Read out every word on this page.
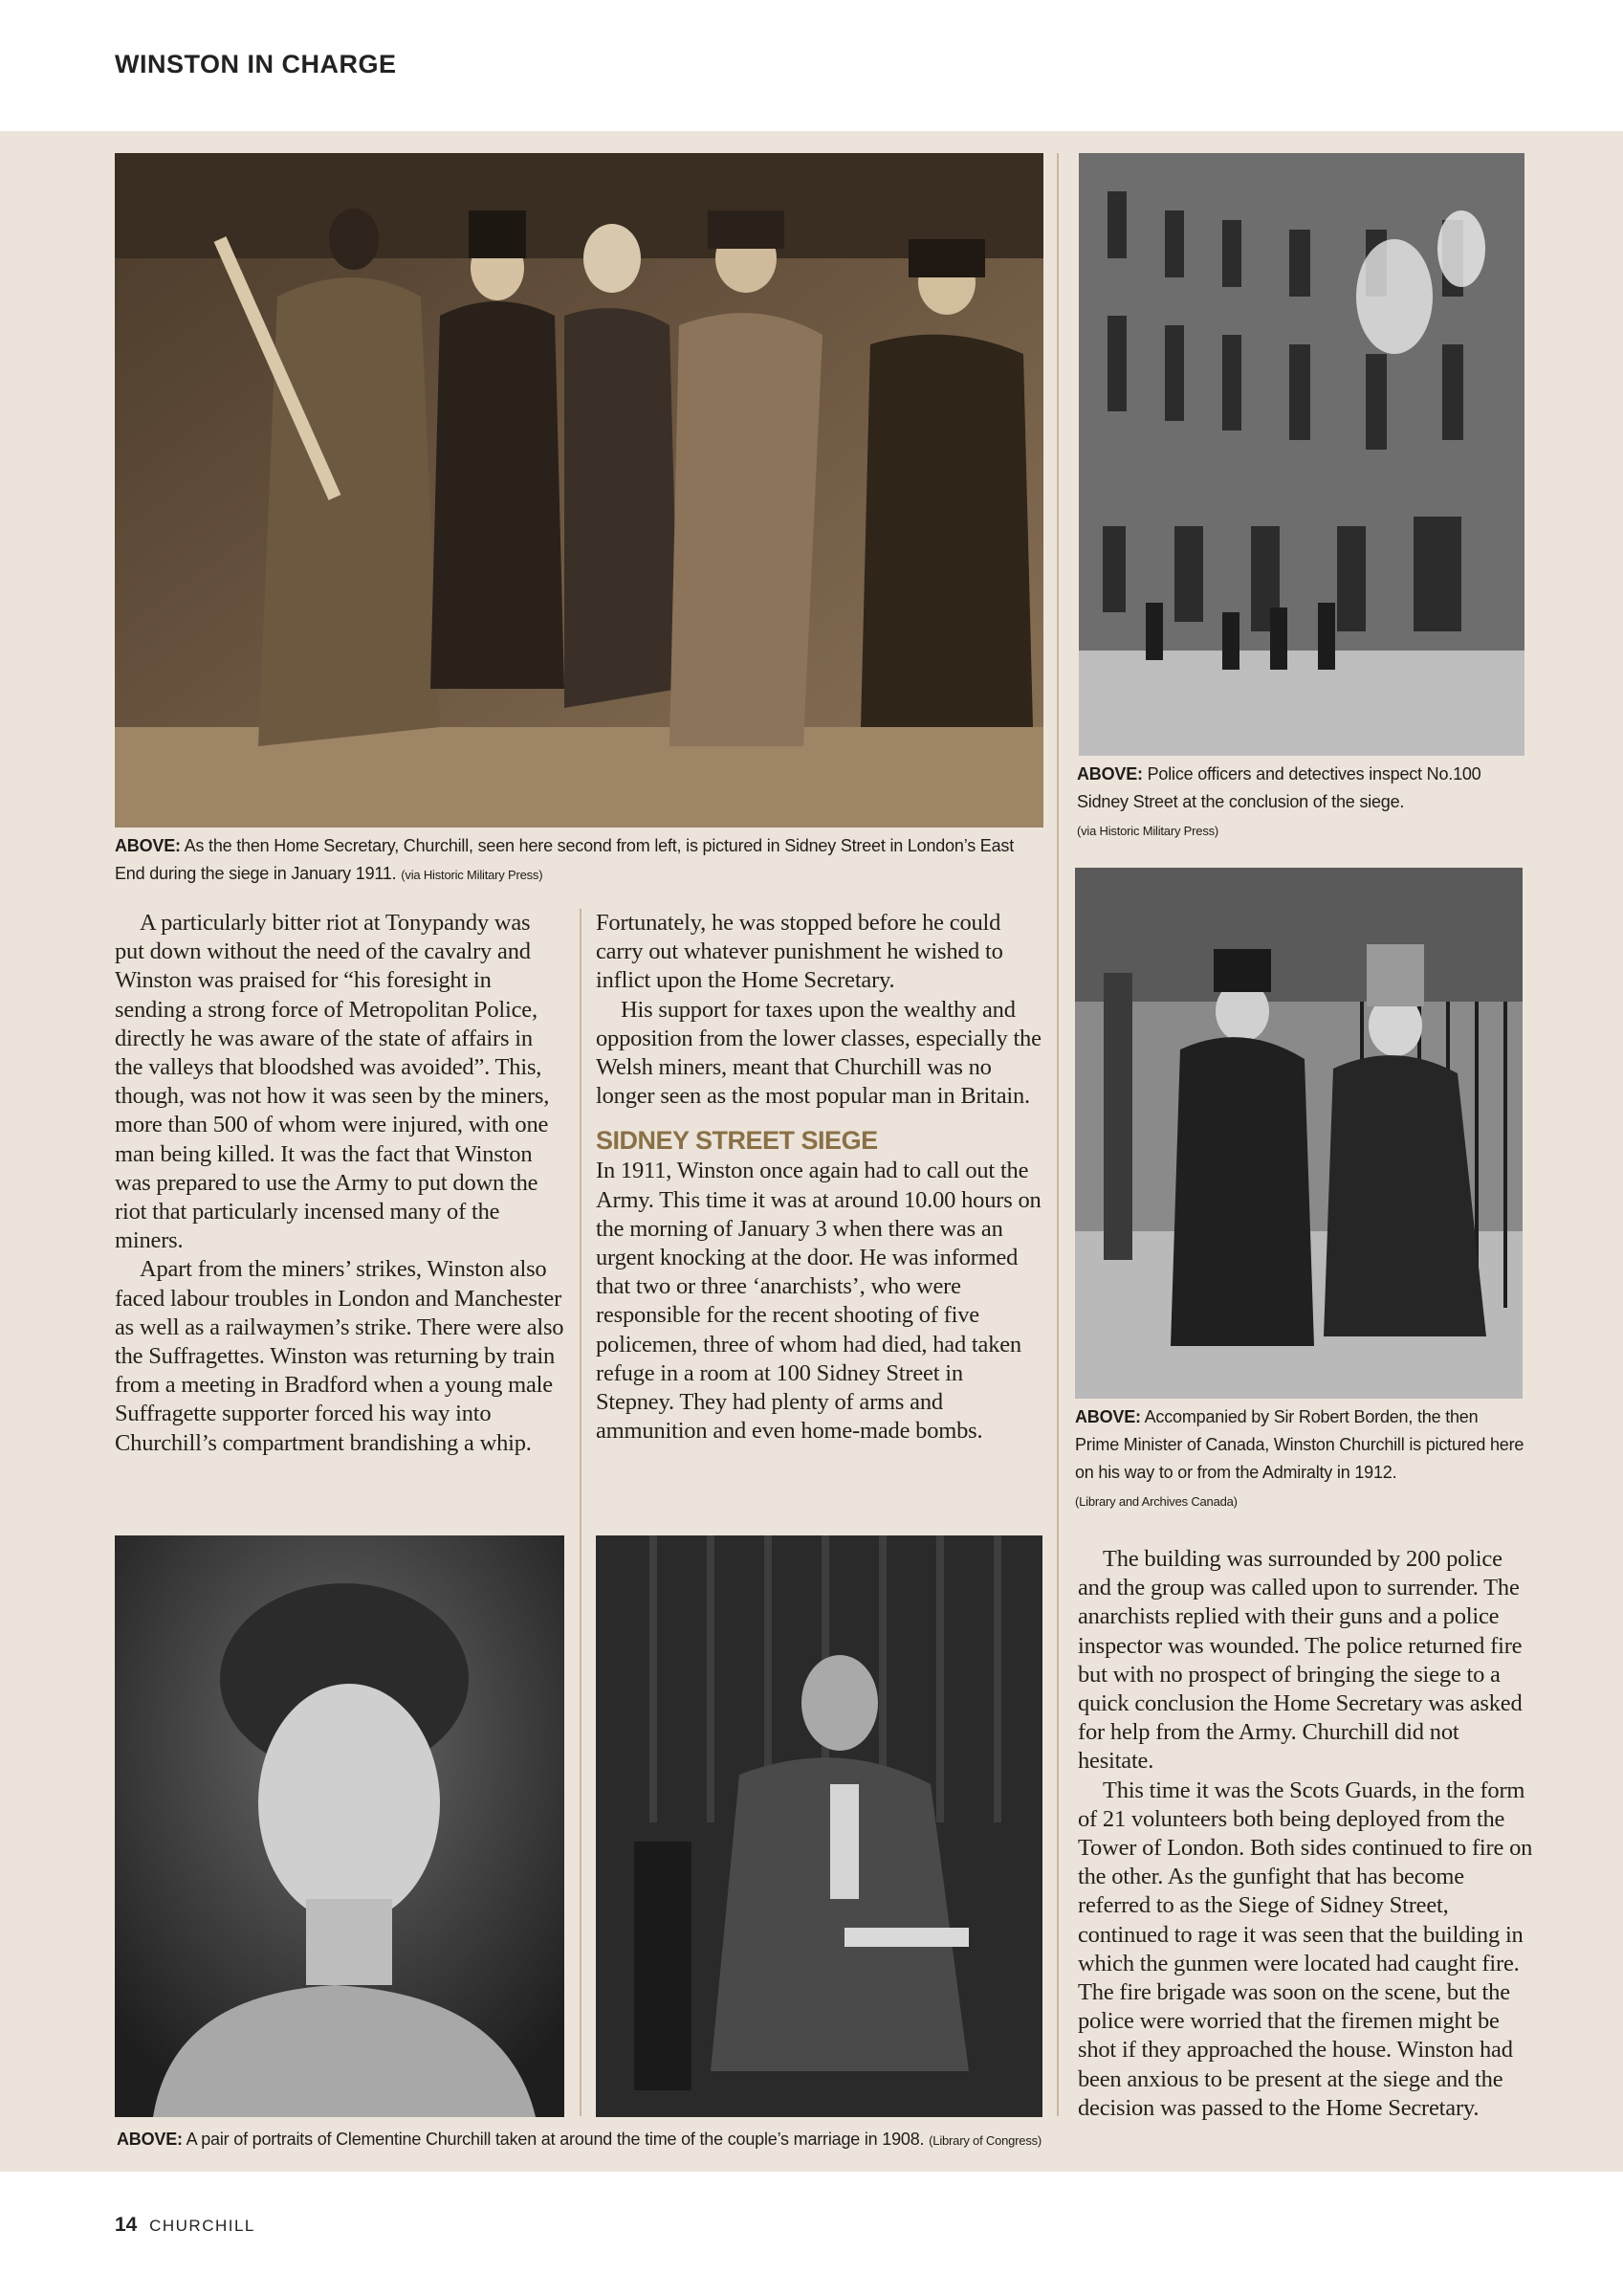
WINSTON IN CHARGE
ABOVE: Police officers and detectives inspect No.100 Sidney Street at the conclusion of the siege.
(via Historic Military Press)
ABOVE: As the then Home Secretary, Churchill, seen here second from left, is pictured in Sidney Street in London’s East End during the siege in January 1911. (via Historic Military Press)
ABOVE: Accompanied by Sir Robert Borden, the then Prime Minister of Canada, Winston Churchill is pictured here on his way to or from the Admiralty in 1912.
(Library and Archives Canada)

A particularly bitter riot at Tonypandy was put down without the need of the cavalry and Winston was praised for “his foresight in sending a strong force of Metropolitan Police, directly he was aware of the state of affairs in the valleys that bloodshed was avoided”. This, though, was not how it was seen by the miners, more than 500 of whom were injured, with one man being killed. It was the fact that Winston was prepared to use the Army to put down the riot that particularly incensed many of the miners.

Apart from the miners’ strikes, Winston also faced labour troubles in London and Manchester as well as a railwaymen’s strike. There were also the Suffragettes. Winston was returning by train from a meeting in Bradford when a young male Suffragette supporter forced his way into Churchill’s compartment brandishing a whip.

Fortunately, he was stopped before he could carry out whatever punishment he wished to inflict upon the Home Secretary.

His support for taxes upon the wealthy and opposition from the lower classes, especially the Welsh miners, meant that Churchill was no longer seen as the most popular man in Britain.

SIDNEY STREET SIEGE

In 1911, Winston once again had to call out the Army. This time it was at around 10.00 hours on the morning of January 3 when there was an urgent knocking at the door. He was informed that two or three ‘anarchists’, who were responsible for the recent shooting of five policemen, three of whom had died, had taken refuge in a room at 100 Sidney Street in Stepney. They had plenty of arms and ammunition and even home-made bombs.

ABOVE: A pair of portraits of Clementine Churchill taken at around the time of the couple’s marriage in 1908. (Library of Congress)

The building was surrounded by 200 police and the group was called upon to surrender. The anarchists replied with their guns and a police inspector was wounded. The police returned fire but with no prospect of bringing the siege to a quick conclusion the Home Secretary was asked for help from the Army. Churchill did not hesitate.

This time it was the Scots Guards, in the form of 21 volunteers both being deployed from the Tower of London. Both sides continued to fire on the other. As the gunfight that has become referred to as the Siege of Sidney Street, continued to rage it was seen that the building in which the gunmen were located had caught fire. The fire brigade was soon on the scene, but the police were worried that the firemen might be shot if they approached the house. Winston had been anxious to be present at the siege and the decision was passed to the Home Secretary.

14 CHURCHILL
